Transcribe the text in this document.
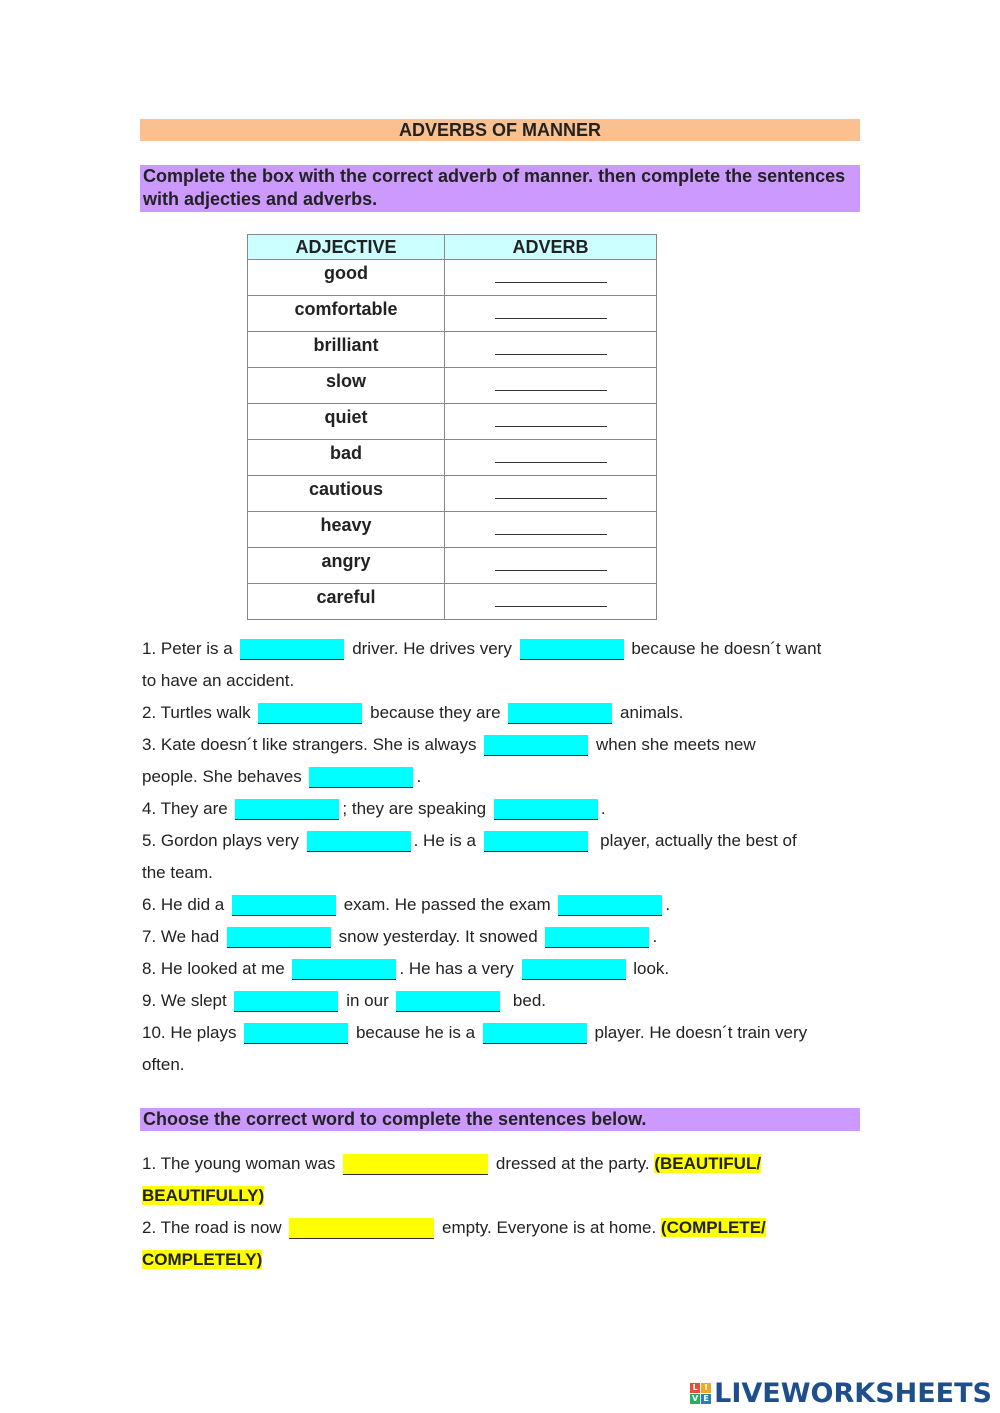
ADVERBS OF MANNER
Complete the box with the correct adverb of manner. then complete the sentences with adjecties and adverbs.
ADJECTIVE	ADVERB
good	
comfortable	
brilliant	
slow	
quiet	
bad	
cautious	
heavy	
angry	
careful	
1. Peter is a	driver. He drives very	because he doesn´t want
to have an accident.
2. Turtles walk	because they are	animals.
3. Kate doesn´t like strangers. She is always	when she meets new
people. She behaves	.
4. They are	; they are speaking	.
5. Gordon plays very	. He is a	player, actually the best of
the team.
6. He did a	exam. He passed the exam	.
7. We had	snow yesterday. It snowed	.
8. He looked at me	. He has a very	look.
9. We slept	in our	bed.
10. He plays	because he is a	player. He doesn´t train very
often.
Choose the correct word to complete the sentences below.
1. The young woman was	dressed at the party. (BEAUTIFUL/
BEAUTIFULLY)
2. The road is now	empty. Everyone is at home. (COMPLETE/
COMPLETELY)
L I
V E LIVEWORKSHEETS
